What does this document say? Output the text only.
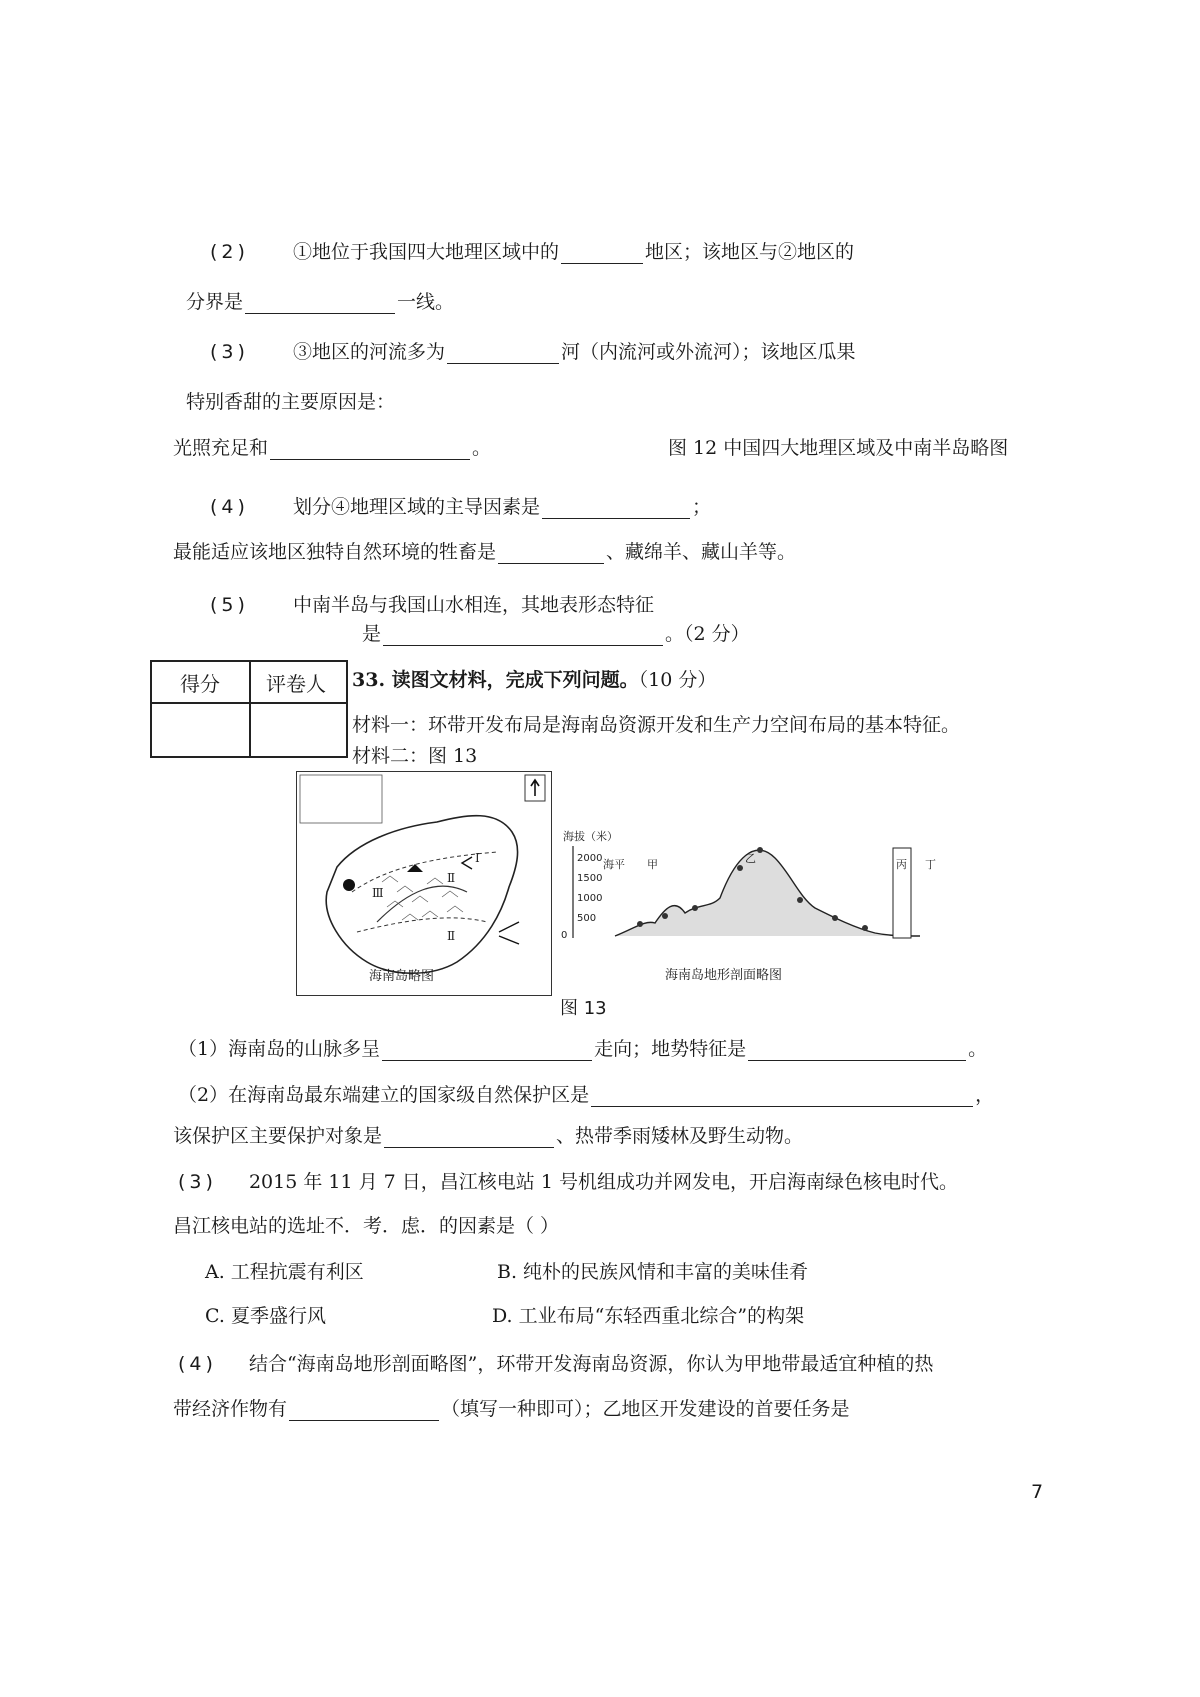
(2) ①地位于我国四大地理区域中的	地区；该地区与②地区的
分界是	一线。
(3) ③地区的河流多为	河（内流河或外流河）；该地区瓜果
特别香甜的主要原因是：
光照充足和	。	图 12 中国四大地理区域及中南半岛略图
(4) 划分④地理区域的主导因素是	；
最能适应该地区独特自然环境的牲畜是	、藏绵羊、藏山羊等。
(5) 中南半岛与我国山水相连，其地表形态特征
是	。（2 分）
得分 评卷人 33. 读图文材料，完成下列问题。（10 分）
材料一：环带开发布局是海南岛资源开发和生产力空间布局的基本特征。
材料二：图 13
Ⅰ
Ⅱ
Ⅲ
Ⅱ
海南岛略图
海拔（米）
2000
1500
1000
500
0
海平 甲	乙	丙 丁
海南岛地形剖面略图
图 13
（1）海南岛的山脉多呈	走向；地势特征是	。
（2）在海南岛最东端建立的国家级自然保护区是	，
该保护区主要保护对象是	、热带季雨矮林及野生动物。
(3) 2015 年 11 月 7 日，昌江核电站 1 号机组成功并网发电，开启海南绿色核电时代。
昌江核电站的选址不．考．虑．的因素是（ ）
A. 工程抗震有利区	B. 纯朴的民族风情和丰富的美味佳肴
C. 夏季盛行风	D. 工业布局“东轻西重北综合”的构架
(4) 结合“海南岛地形剖面略图”，环带开发海南岛资源，你认为甲地带最适宜种植的热
带经济作物有	（填写一种即可）；乙地区开发建设的首要任务是
7
